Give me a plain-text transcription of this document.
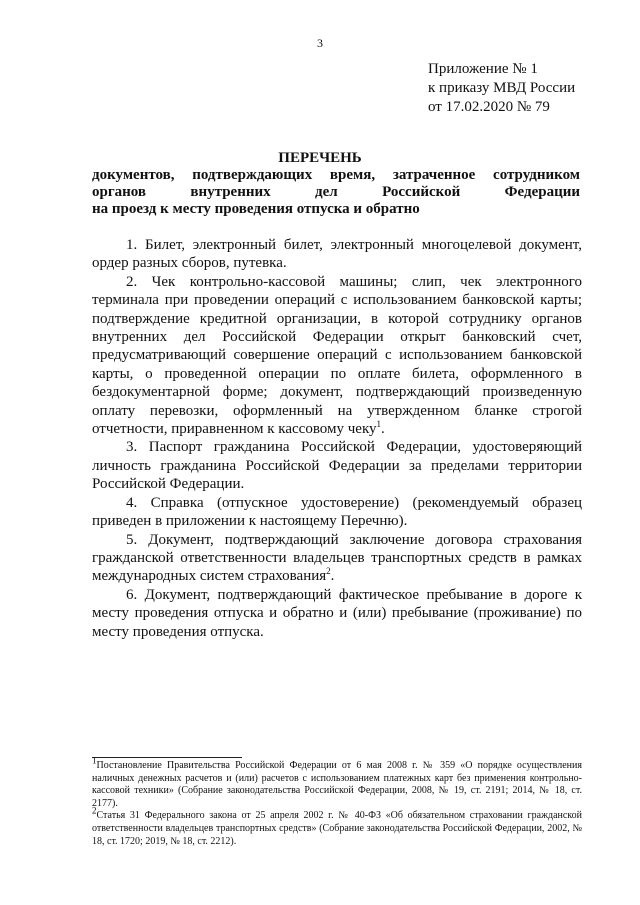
3
Приложение № 1
к приказу МВД России
от 17.02.2020 № 79
ПЕРЕЧЕНЬ
документов, подтверждающих время, затраченное сотрудником
органов внутренних дел Российской Федерации
на проезд к месту проведения отпуска и обратно

1. Билет, электронный билет, электронный многоцелевой документ, ордер разных сборов, путевка.

2. Чек контрольно-кассовой машины; слип, чек электронного терминала при проведении операций с использованием банковской карты; подтверждение кредитной организации, в которой сотруднику органов внутренних дел Российской Федерации открыт банковский счет, предусматривающий совершение операций с использованием банковской карты, о проведенной операции по оплате билета, оформленного в бездокументарной форме; документ, подтверждающий произведенную оплату перевозки, оформленный на утвержденном бланке строгой отчетности, приравненном к кассовому чеку$^1$.

3. Паспорт гражданина Российской Федерации, удостоверяющий личность гражданина Российской Федерации за пределами территории Российской Федерации.

4. Справка (отпускное удостоверение) (рекомендуемый образец приведен в приложении к настоящему Перечню).

5. Документ, подтверждающий заключение договора страхования гражданской ответственности владельцев транспортных средств в рамках международных систем страхования$^2$.

6. Документ, подтверждающий фактическое пребывание в дороге к месту проведения отпуска и обратно и (или) пребывание (проживание) по месту проведения отпуска.

$^1$Постановление Правительства Российской Федерации от 6 мая 2008 г. № 359 «О порядке осуществления наличных денежных расчетов и (или) расчетов с использованием платежных карт без применения контрольно-кассовой техники» (Собрание законодательства Российской Федерации, 2008, № 19, ст. 2191; 2014, № 18, ст. 2177).

$^2$Статья 31 Федерального закона от 25 апреля 2002 г. № 40-ФЗ «Об обязательном страховании гражданской ответственности владельцев транспортных средств» (Собрание законодательства Российской Федерации, 2002, № 18, ст. 1720; 2019, № 18, ст. 2212).
